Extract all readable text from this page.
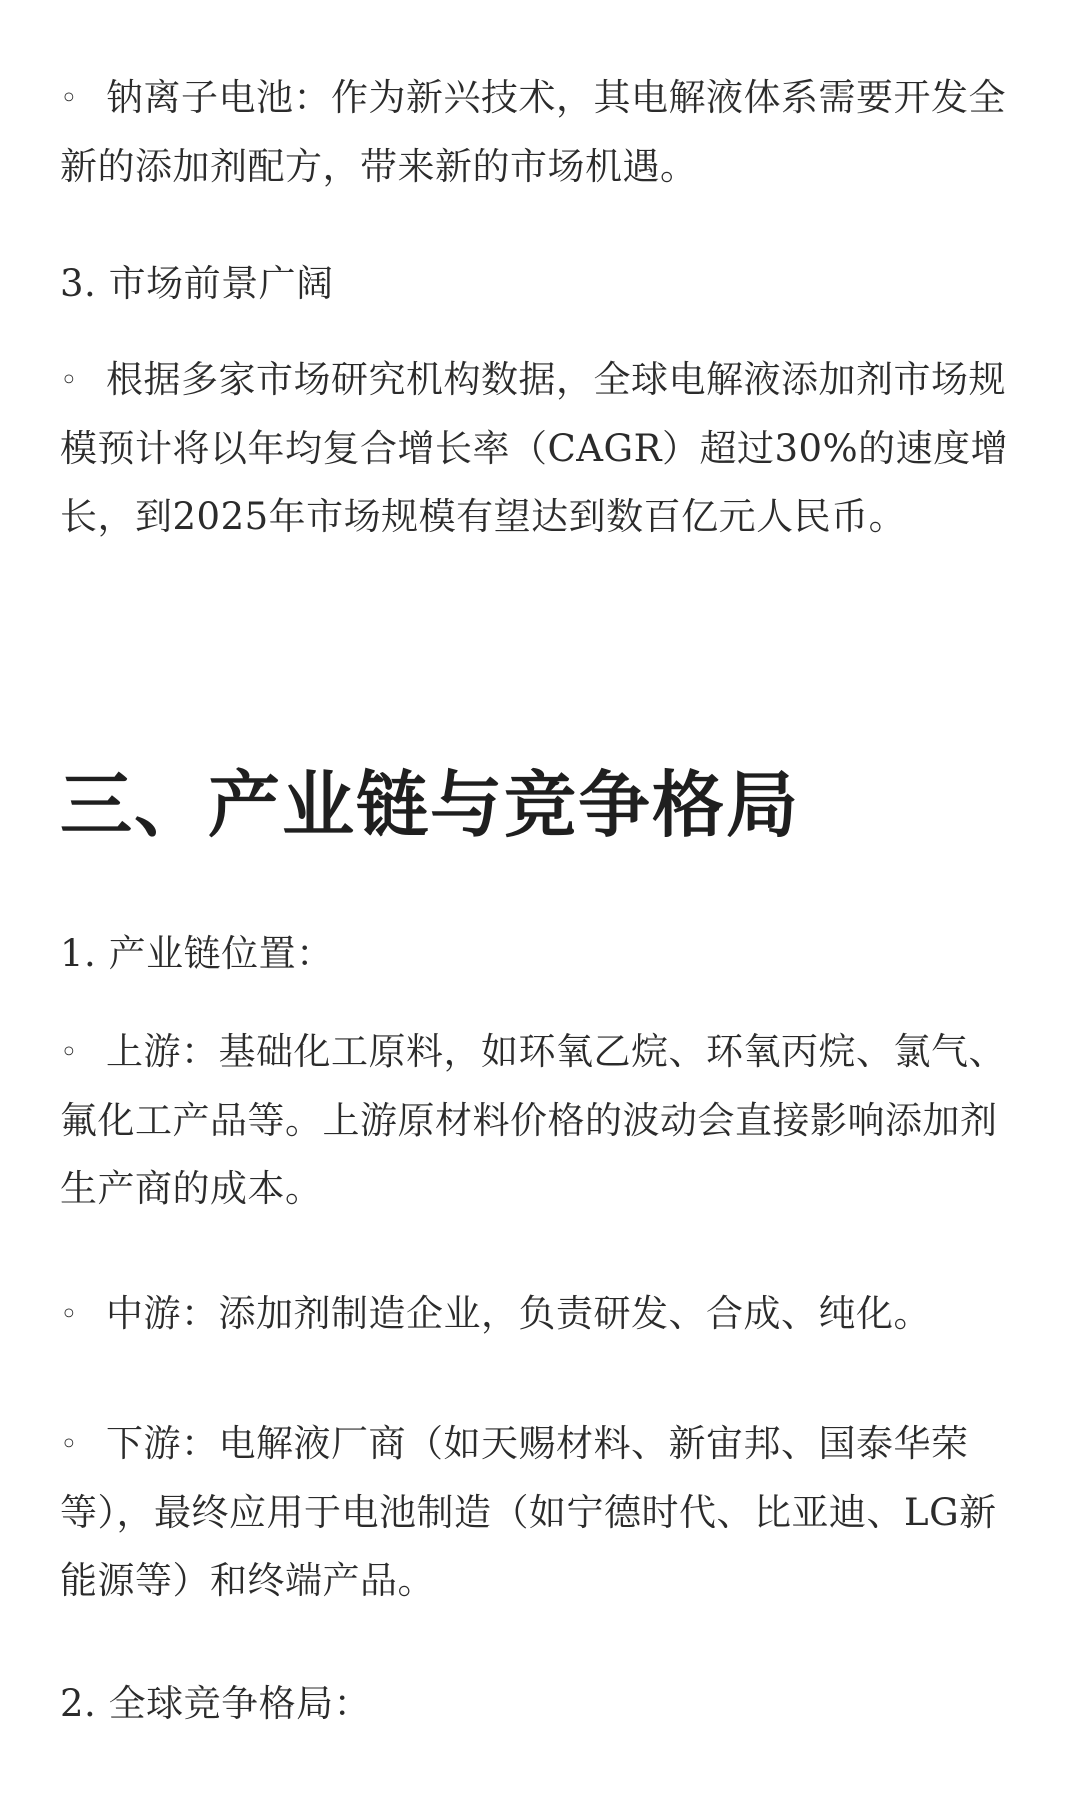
◦ 钠离子电池：作为新兴技术，其电解液体系需要开发全新的添加剂配方，带来新的市场机遇。

3. 市场前景广阔

◦ 根据多家市场研究机构数据，全球电解液添加剂市场规模预计将以年均复合增长率（CAGR）超过30%的速度增长，到2025年市场规模有望达到数百亿元人民币。

三、产业链与竞争格局

1. 产业链位置：

◦ 上游：基础化工原料，如环氧乙烷、环氧丙烷、氯气、氟化工产品等。上游原材料价格的波动会直接影响添加剂生产商的成本。

◦ 中游：添加剂制造企业，负责研发、合成、纯化。

◦ 下游：电解液厂商（如天赐材料、新宙邦、国泰华荣等），最终应用于电池制造（如宁德时代、比亚迪、LG新能源等）和终端产品。

2. 全球竞争格局：
